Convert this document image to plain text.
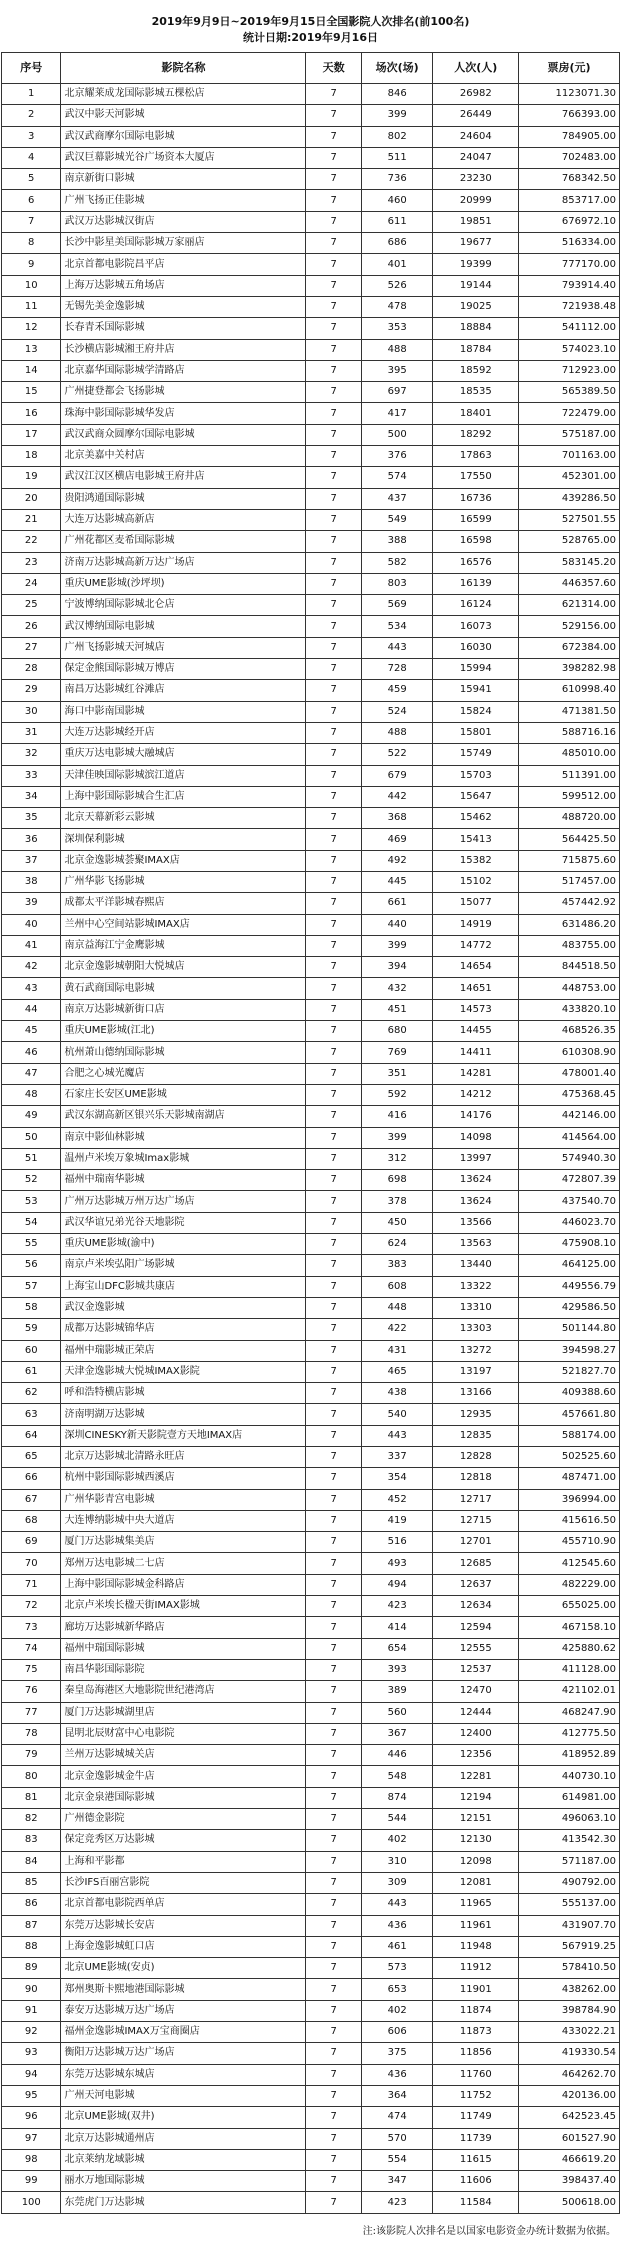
2019年9月9日~2019年9月15日全国影院人次排名(前100名)
统计日期:2019年9月16日
序号	影院名称	天数	场次(场)	人次(人)	票房(元)
1	北京耀莱成龙国际影城五棵松店	7	846	26982	1123071.30
2	武汉中影天河影城	7	399	26449	766393.00
3	武汉武商摩尔国际电影城	7	802	24604	784905.00
4	武汉巨幕影城光谷广场资本大厦店	7	511	24047	702483.00
5	南京新街口影城	7	736	23230	768342.50
6	广州飞扬正佳影城	7	460	20999	853717.00
7	武汉万达影城汉街店	7	611	19851	676972.10
8	长沙中影星美国际影城万家丽店	7	686	19677	516334.00
9	北京首都电影院昌平店	7	401	19399	777170.00
10	上海万达影城五角场店	7	526	19144	793914.40
11	无锡先美金逸影城	7	478	19025	721938.48
12	长春青禾国际影城	7	353	18884	541112.00
13	长沙横店影城湘王府井店	7	488	18784	574023.10
14	北京嘉华国际影城学清路店	7	395	18592	712923.00
15	广州捷登都会飞扬影城	7	697	18535	565389.50
16	珠海中影国际影城华发店	7	417	18401	722479.00
17	武汉武商众圆摩尔国际电影城	7	500	18292	575187.00
18	北京美嘉中关村店	7	376	17863	701163.00
19	武汉江汉区横店电影城王府井店	7	574	17550	452301.00
20	贵阳鸿通国际影城	7	437	16736	439286.50
21	大连万达影城高新店	7	549	16599	527501.55
22	广州花都区麦希国际影城	7	388	16598	528765.00
23	济南万达影城高新万达广场店	7	582	16576	583145.20
24	重庆UME影城(沙坪坝)	7	803	16139	446357.60
25	宁波博纳国际影城北仑店	7	569	16124	621314.00
26	武汉博纳国际电影城	7	534	16073	529156.00
27	广州飞扬影城天河城店	7	443	16030	672384.00
28	保定金熊国际影城万博店	7	728	15994	398282.98
29	南昌万达影城红谷滩店	7	459	15941	610998.40
30	海口中影南国影城	7	524	15824	471381.50
31	大连万达影城经开店	7	488	15801	588716.16
32	重庆万达电影城大融城店	7	522	15749	485010.00
33	天津佳映国际影城滨江道店	7	679	15703	511391.00
34	上海中影国际影城合生汇店	7	442	15647	599512.00
35	北京天幕新彩云影城	7	368	15462	488720.00
36	深圳保利影城	7	469	15413	564425.50
37	北京金逸影城荟聚IMAX店	7	492	15382	715875.60
38	广州华影飞扬影城	7	445	15102	517457.00
39	成都太平洋影城春熙店	7	661	15077	457442.92
40	兰州中心空间站影城IMAX店	7	440	14919	631486.20
41	南京益海江宁金鹰影城	7	399	14772	483755.00
42	北京金逸影城朝阳大悦城店	7	394	14654	844518.50
43	黄石武商国际电影城	7	432	14651	448753.00
44	南京万达影城新街口店	7	451	14573	433820.10
45	重庆UME影城(江北)	7	680	14455	468526.35
46	杭州萧山德纳国际影城	7	769	14411	610308.90
47	合肥之心城光魔店	7	351	14281	478001.40
48	石家庄长安区UME影城	7	592	14212	475368.45
49	武汉东湖高新区银兴乐天影城南湖店	7	416	14176	442146.00
50	南京中影仙林影城	7	399	14098	414564.00
51	温州卢米埃万象城Imax影城	7	312	13997	574940.30
52	福州中瑞南华影城	7	698	13624	472807.39
53	广州万达影城万州万达广场店	7	378	13624	437540.70
54	武汉华谊兄弟光谷天地影院	7	450	13566	446023.70
55	重庆UME影城(渝中)	7	624	13563	475908.10
56	南京卢米埃弘阳广场影城	7	383	13440	464125.00
57	上海宝山DFC影城共康店	7	608	13322	449556.79
58	武汉金逸影城	7	448	13310	429586.50
59	成都万达影城锦华店	7	422	13303	501144.80
60	福州中瑞影城正荣店	7	431	13272	394598.27
61	天津金逸影城大悦城IMAX影院	7	465	13197	521827.70
62	呼和浩特横店影城	7	438	13166	409388.60
63	济南明湖万达影城	7	540	12935	457661.80
64	深圳CINESKY新天影院壹方天地IMAX店	7	443	12835	588174.00
65	北京万达影城北清路永旺店	7	337	12828	502525.60
66	杭州中影国际影城西溪店	7	354	12818	487471.00
67	广州华影青宫电影城	7	452	12717	396994.00
68	大连博纳影城中央大道店	7	419	12715	415616.50
69	厦门万达影城集美店	7	516	12701	455710.90
70	郑州万达电影城二七店	7	493	12685	412545.60
71	上海中影国际影城金科路店	7	494	12637	482229.00
72	北京卢米埃长楹天街IMAX影城	7	423	12634	655025.00
73	廊坊万达影城新华路店	7	414	12594	467158.10
74	福州中瑞国际影城	7	654	12555	425880.62
75	南昌华影国际影院	7	393	12537	411128.00
76	秦皇岛海港区大地影院世纪港湾店	7	389	12470	421102.01
77	厦门万达影城湖里店	7	560	12444	468247.90
78	昆明北辰财富中心电影院	7	367	12400	412775.50
79	兰州万达影城城关店	7	446	12356	418952.89
80	北京金逸影城金牛店	7	548	12281	440730.10
81	北京金泉港国际影城	7	874	12194	614981.00
82	广州德金影院	7	544	12151	496063.10
83	保定竞秀区万达影城	7	402	12130	413542.30
84	上海和平影都	7	310	12098	571187.00
85	长沙IFS百丽宫影院	7	309	12081	490792.00
86	北京首都电影院西单店	7	443	11965	555137.00
87	东莞万达影城长安店	7	436	11961	431907.70
88	上海金逸影城虹口店	7	461	11948	567919.25
89	北京UME影城(安贞)	7	573	11912	578410.50
90	郑州奥斯卡熙地港国际影城	7	653	11901	438262.00
91	泰安万达影城万达广场店	7	402	11874	398784.90
92	福州金逸影城IMAX万宝商圈店	7	606	11873	433022.21
93	衡阳万达影城万达广场店	7	375	11856	419330.54
94	东莞万达影城东城店	7	436	11760	464262.70
95	广州天河电影城	7	364	11752	420136.00
96	北京UME影城(双井)	7	474	11749	642523.45
97	北京万达影城通州店	7	570	11739	601527.90
98	北京莱纳龙域影城	7	554	11615	466619.20
99	丽水万地国际影城	7	347	11606	398437.40
100	东莞虎门万达影城	7	423	11584	500618.00
注:该影院人次排名是以国家电影资金办统计数据为依据。
